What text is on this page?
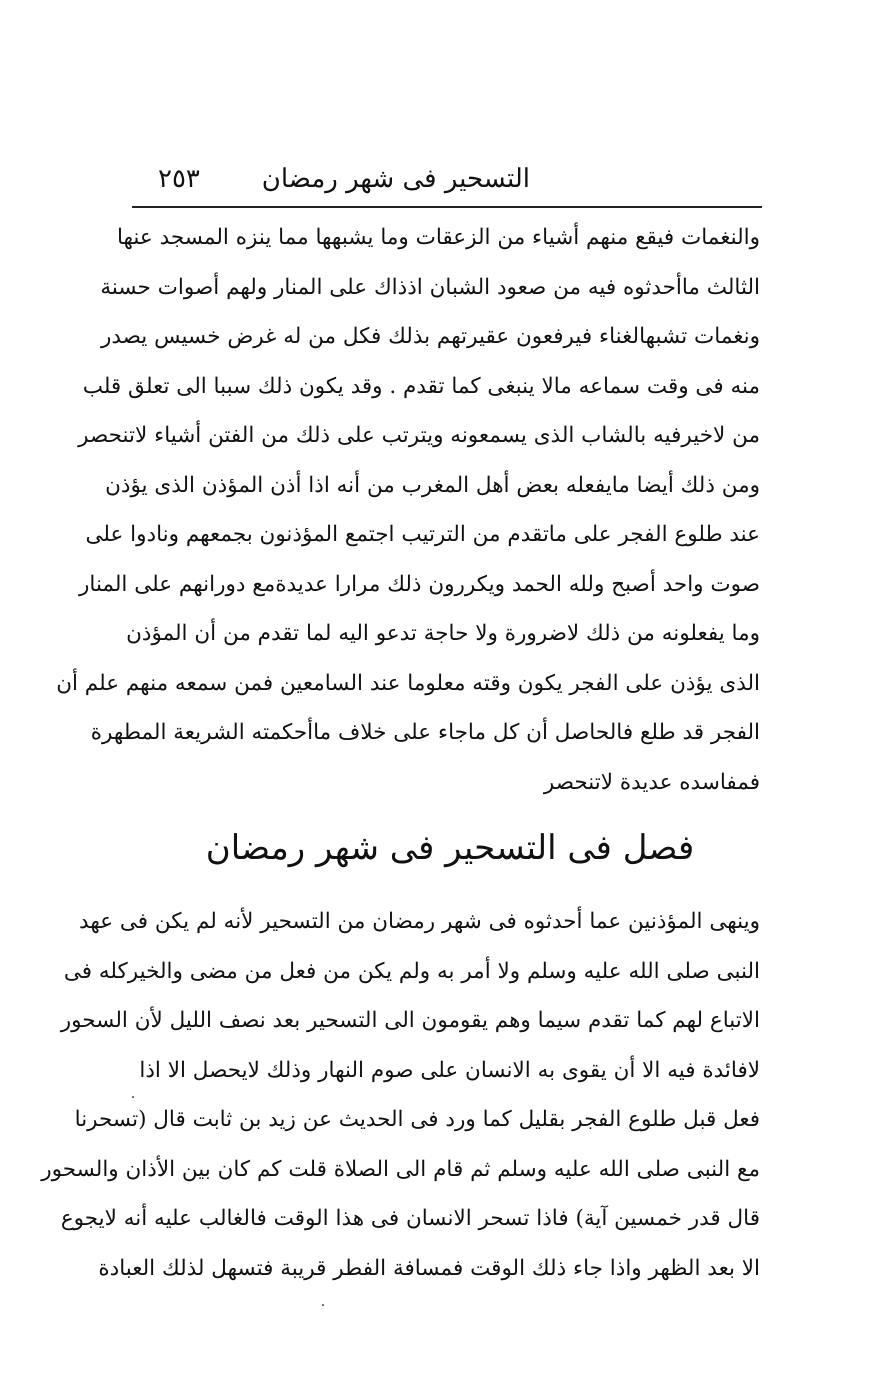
التسحير فى شهر رمضان
٢٥٣
والنغمات فيقع منهم أشياء من الزعقات وما يشبهها مما ينزه المسجد عنها
الثالث ماأحدثوه فيه من صعود الشبان اذذاك على المنار ولهم أصوات حسنة
ونغمات تشبهالغناء فيرفعون عقيرتهم بذلك فكل من له غرض خسيس يصدر
منه فى وقت سماعه مالا ينبغى كما تقدم . وقد يكون ذلك سببا الى تعلق قلب
من لاخيرفيه بالشاب الذى يسمعونه ويترتب على ذلك من الفتن أشياء لاتنحصر
ومن ذلك أيضا مايفعله بعض أهل المغرب من أنه اذا أذن المؤذن الذى يؤذن
عند طلوع الفجر على ماتقدم من الترتيب اجتمع المؤذنون بجمعهم ونادوا على
صوت واحد أصبح ولله الحمد ويكررون ذلك مرارا عديدةمع دورانهم على المنار
وما يفعلونه من ذلك لاضرورة ولا حاجة تدعو اليه لما تقدم من أن المؤذن
الذى يؤذن على الفجر يكون وقته معلوما عند السامعين فمن سمعه منهم علم أن
الفجر قد طلع فالحاصل أن كل ماجاء على خلاف ماأحكمته الشريعة المطهرة
فمفاسده عديدة لاتنحصر
فصل فى التسحير فى شهر رمضان
وينهى المؤذنين عما أحدثوه فى شهر رمضان من التسحير لأنه لم يكن فى عهد
النبى صلى الله عليه وسلم ولا أمر به ولم يكن من فعل من مضى والخيركله فى
الاتباع لهم كما تقدم سيما وهم يقومون الى التسحير بعد نصف الليل لأن السحور
لافائدة فيه الا أن يقوى به الانسان على صوم النهار وذلك لايحصل الا اذا
فعل قبل طلوع الفجر بقليل كما ورد فى الحديث عن زيد بن ثابت قال (تسحرنا
مع النبى صلى الله عليه وسلم ثم قام الى الصلاة قلت كم كان بين الأذان والسحور
قال قدر خمسين آية) فاذا تسحر الانسان فى هذا الوقت فالغالب عليه أنه لايجوع
الا بعد الظهر واذا جاء ذلك الوقت فمسافة الفطر قريبة فتسهل لذلك العبادة
